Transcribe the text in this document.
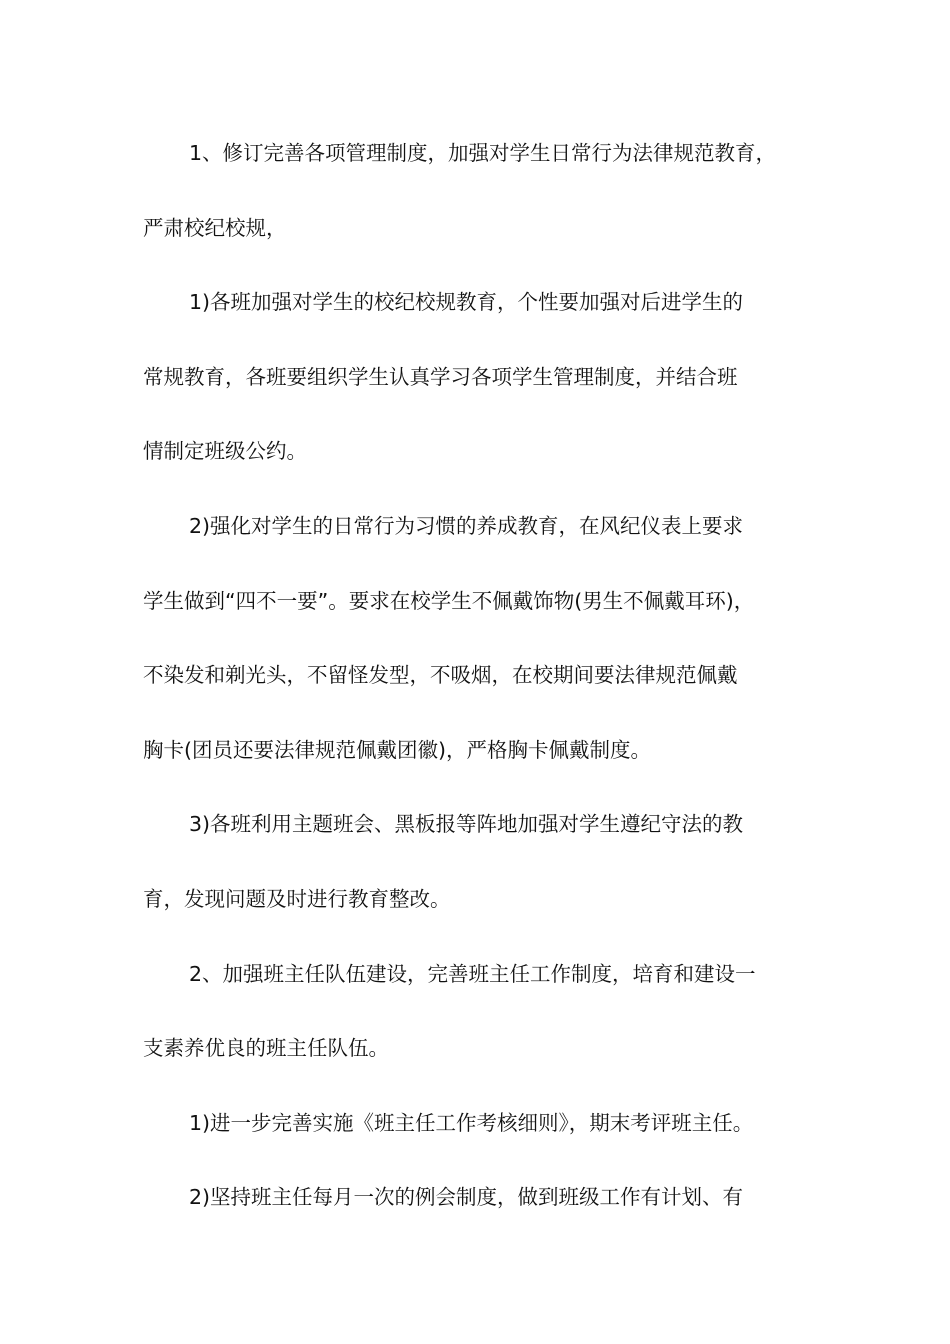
1、修订完善各项管理制度，加强对学生日常行为法律规范教育，
严肃校纪校规，
1)各班加强对学生的校纪校规教育，个性要加强对后进学生的
常规教育，各班要组织学生认真学习各项学生管理制度，并结合班
情制定班级公约。
2)强化对学生的日常行为习惯的养成教育，在风纪仪表上要求
学生做到“四不一要”。要求在校学生不佩戴饰物(男生不佩戴耳环)，
不染发和剃光头，不留怪发型，不吸烟，在校期间要法律规范佩戴
胸卡(团员还要法律规范佩戴团徽)，严格胸卡佩戴制度。
3)各班利用主题班会、黑板报等阵地加强对学生遵纪守法的教
育，发现问题及时进行教育整改。
2、加强班主任队伍建设，完善班主任工作制度，培育和建设一
支素养优良的班主任队伍。
1)进一步完善实施《班主任工作考核细则》，期末考评班主任。
2)坚持班主任每月一次的例会制度，做到班级工作有计划、有
